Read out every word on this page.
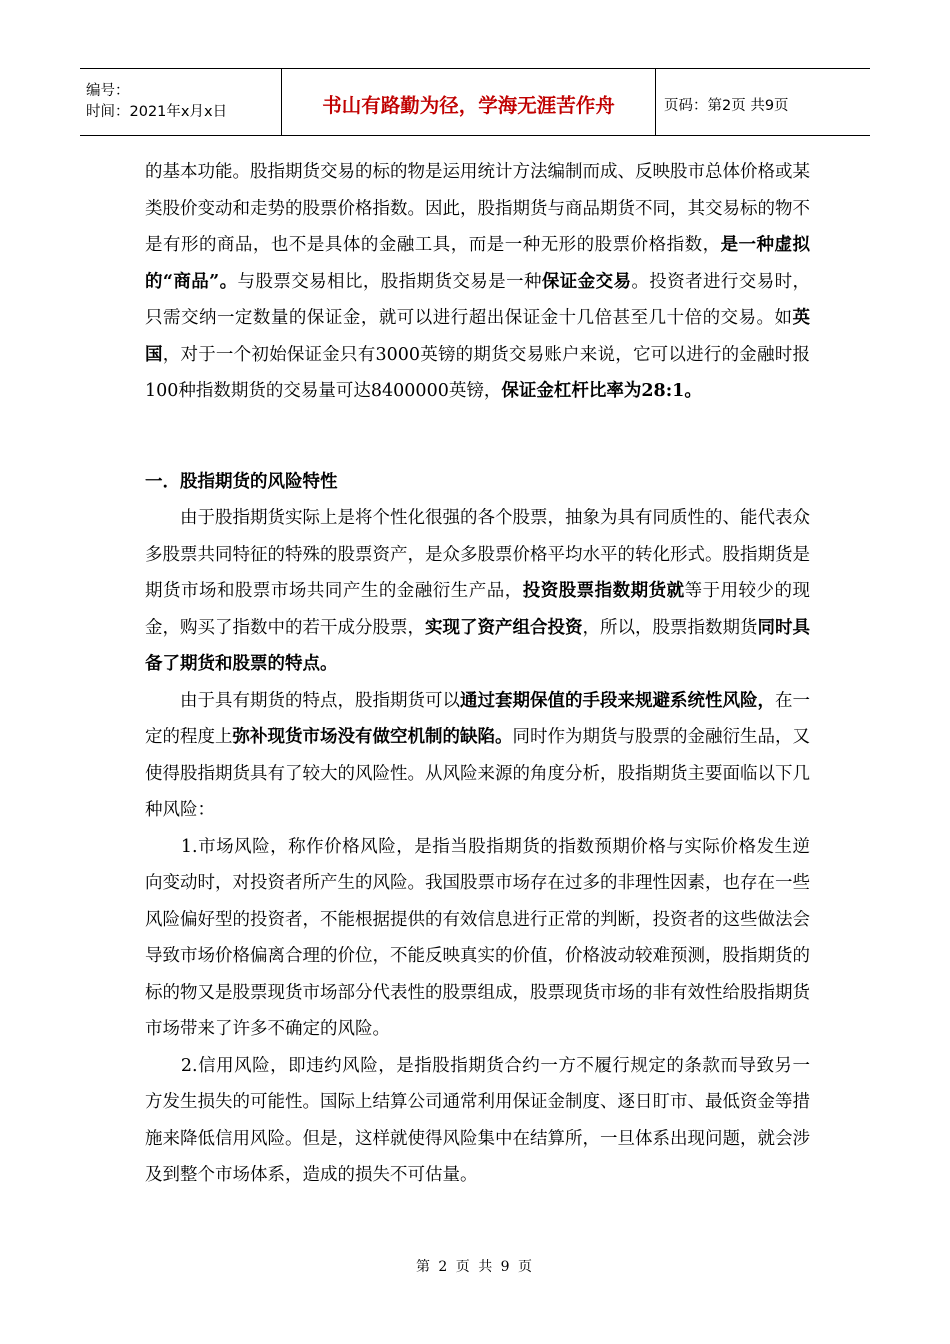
编号：
时间：2021年x月x日	书山有路勤为径，学海无涯苦作舟	页码：第2页 共9页

的基本功能。股指期货交易的标的物是运用统计方法编制而成、反映股市总体价格或某类股价变动和走势的股票价格指数。因此，股指期货与商品期货不同，其交易标的物不是有形的商品，也不是具体的金融工具，而是一种无形的股票价格指数，是一种虚拟的“商品”。与股票交易相比，股指期货交易是一种保证金交易。投资者进行交易时，只需交纳一定数量的保证金，就可以进行超出保证金十几倍甚至几十倍的交易。如英国，对于一个初始保证金只有3000英镑的期货交易账户来说，它可以进行的金融时报100种指数期货的交易量可达8400000英镑，保证金杠杆比率为28:1。

一．股指期货的风险特性

由于股指期货实际上是将个性化很强的各个股票，抽象为具有同质性的、能代表众多股票共同特征的特殊的股票资产，是众多股票价格平均水平的转化形式。股指期货是期货市场和股票市场共同产生的金融衍生产品，投资股票指数期货就等于用较少的现金，购买了指数中的若干成分股票，实现了资产组合投资，所以，股票指数期货同时具备了期货和股票的特点。

由于具有期货的特点，股指期货可以通过套期保值的手段来规避系统性风险，在一定的程度上弥补现货市场没有做空机制的缺陷。同时作为期货与股票的金融衍生品，又使得股指期货具有了较大的风险性。从风险来源的角度分析，股指期货主要面临以下几种风险：

1.市场风险，称作价格风险，是指当股指期货的指数预期价格与实际价格发生逆向变动时，对投资者所产生的风险。我国股票市场存在过多的非理性因素，也存在一些风险偏好型的投资者，不能根据提供的有效信息进行正常的判断，投资者的这些做法会导致市场价格偏离合理的价位，不能反映真实的价值，价格波动较难预测，股指期货的标的物又是股票现货市场部分代表性的股票组成，股票现货市场的非有效性给股指期货市场带来了许多不确定的风险。

2.信用风险，即违约风险，是指股指期货合约一方不履行规定的条款而导致另一方发生损失的可能性。国际上结算公司通常利用保证金制度、逐日盯市、最低资金等措施来降低信用风险。但是，这样就使得风险集中在结算所，一旦体系出现问题，就会涉及到整个市场体系，造成的损失不可估量。

第 2 页 共 9 页
